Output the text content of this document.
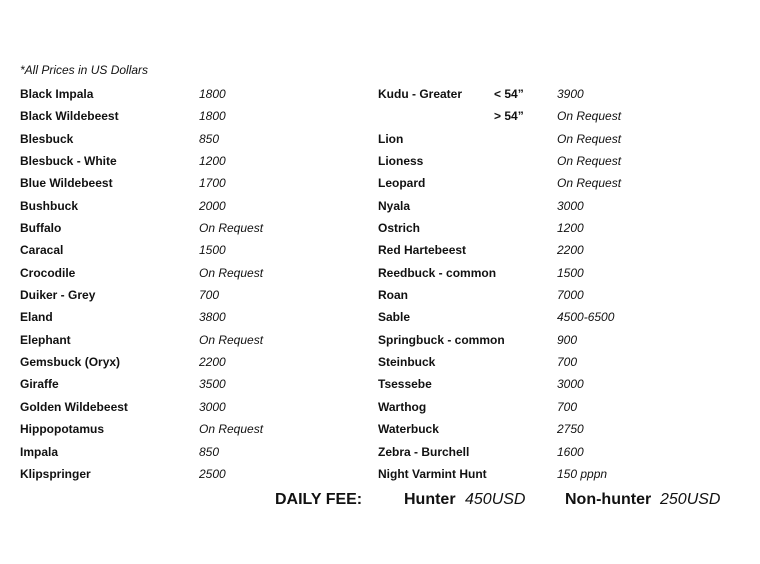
*All Prices in US Dollars
Black Impala	1800
Black Wildebeest	1800
Blesbuck	850
Blesbuck - White	1200
Blue Wildebeest	1700
Bushbuck	2000
Buffalo	On Request
Caracal	1500
Crocodile	On Request
Duiker - Grey	700
Eland	3800
Elephant	On Request
Gemsbuck (Oryx)	2200
Giraffe	3500
Golden Wildebeest	3000
Hippopotamus	On Request
Impala	850
Klipspringer	2500
Kudu - Greater	< 54”	3900
> 54”	On Request
Lion	On Request
Lioness	On Request
Leopard	On Request
Nyala	3000
Ostrich	1200
Red Hartebeest	2200
Reedbuck - common	1500
Roan	7000
Sable	4500-6500
Springbuck - common	900
Steinbuck	700
Tsessebe	3000
Warthog	700
Waterbuck	2750
Zebra - Burchell	1600
Night Varmint Hunt	150 pppn
DAILY FEE:	Hunter 450USD Non-hunter 250USD
